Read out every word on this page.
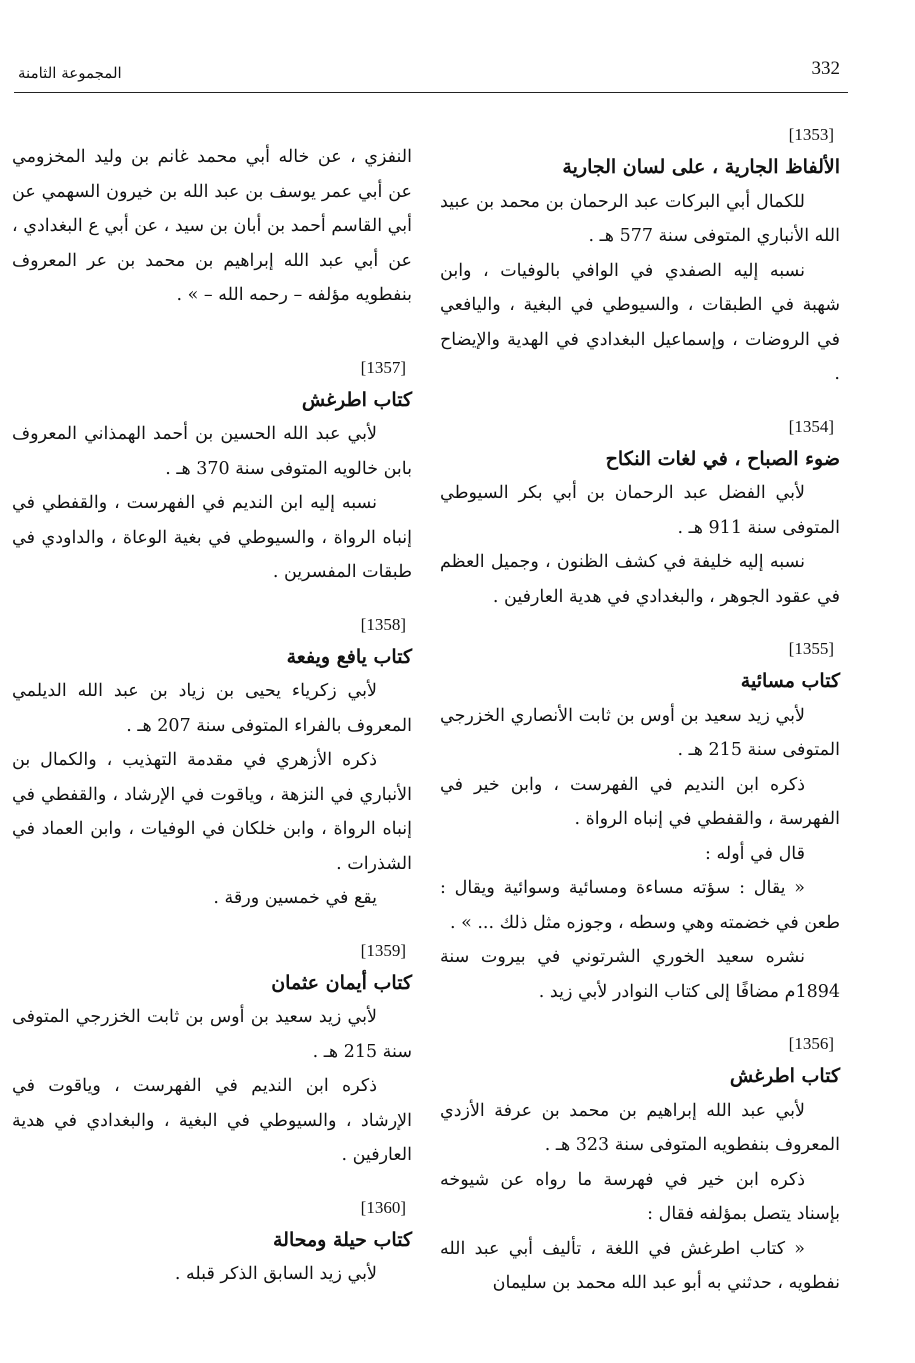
332
المجموعة الثامنة
[1353]
الألفاظ الجارية ، على لسان الجارية

للكمال أبي البركات عبد الرحمان بن محمد بن عبيد الله الأنباري المتوفى سنة 577 هـ .

نسبه إليه الصفدي في الوافي بالوفيات ، وابن شهبة في الطبقات ، والسيوطي في البغية ، واليافعي في الروضات ، وإسماعيل البغدادي في الهدية والإيضاح .

[1354]
ضوء الصباح ، في لغات النكاح

لأبي الفضل عبد الرحمان بن أبي بكر السيوطي المتوفى سنة 911 هـ .

نسبه إليه خليفة في كشف الظنون ، وجميل العظم في عقود الجوهر ، والبغدادي في هدية العارفين .

[1355]
كتاب مسائية

لأبي زيد سعيد بن أوس بن ثابت الأنصاري الخزرجي المتوفى سنة 215 هـ .

ذكره ابن النديم في الفهرست ، وابن خير في الفهرسة ، والقفطي في إنباه الرواة .

قال في أوله :

« يقال : سؤته مساءة ومسائية وسوائية ويقال : طعن في خضمته وهي وسطه ، وجوزه مثل ذلك ... » .

نشره سعيد الخوري الشرتوني في بيروت سنة 1894م مضافًا إلى كتاب النوادر لأبي زيد .

[1356]
كتاب اطرغش

لأبي عبد الله إبراهيم بن محمد بن عرفة الأزدي المعروف بنفطويه المتوفى سنة 323 هـ .

ذكره ابن خير في فهرسة ما رواه عن شيوخه بإسناد يتصل بمؤلفه فقال :

« كتاب اطرغش في اللغة ، تأليف أبي عبد الله نفطويه ، حدثني به أبو عبد الله محمد بن سليمان

النفزي ، عن خاله أبي محمد غانم بن وليد المخزومي عن أبي عمر يوسف بن عبد الله بن خيرون السهمي عن أبي القاسم أحمد بن أبان بن سيد ، عن أبي ع البغدادي ، عن أبي عبد الله إبراهيم بن محمد بن عر المعروف بنفطويه مؤلفه – رحمه الله – » .

[1357]
كتاب اطرغش

لأبي عبد الله الحسين بن أحمد الهمذاني المعروف بابن خالويه المتوفى سنة 370 هـ .

نسبه إليه ابن النديم في الفهرست ، والقفطي في إنباه الرواة ، والسيوطي في بغية الوعاة ، والداودي في طبقات المفسرين .

[1358]
كتاب يافع ويفعة

لأبي زكرياء يحيى بن زياد بن عبد الله الديلمي المعروف بالفراء المتوفى سنة 207 هـ .

ذكره الأزهري في مقدمة التهذيب ، والكمال بن الأنباري في النزهة ، وياقوت في الإرشاد ، والقفطي في إنباه الرواة ، وابن خلكان في الوفيات ، وابن العماد في الشذرات .

يقع في خمسين ورقة .

[1359]
كتاب أيمان عثمان

لأبي زيد سعيد بن أوس بن ثابت الخزرجي المتوفى سنة 215 هـ .

ذكره ابن النديم في الفهرست ، وياقوت في الإرشاد ، والسيوطي في البغية ، والبغدادي في هدية العارفين .

[1360]
كتاب حيلة ومحالة

لأبي زيد السابق الذكر قبله .
